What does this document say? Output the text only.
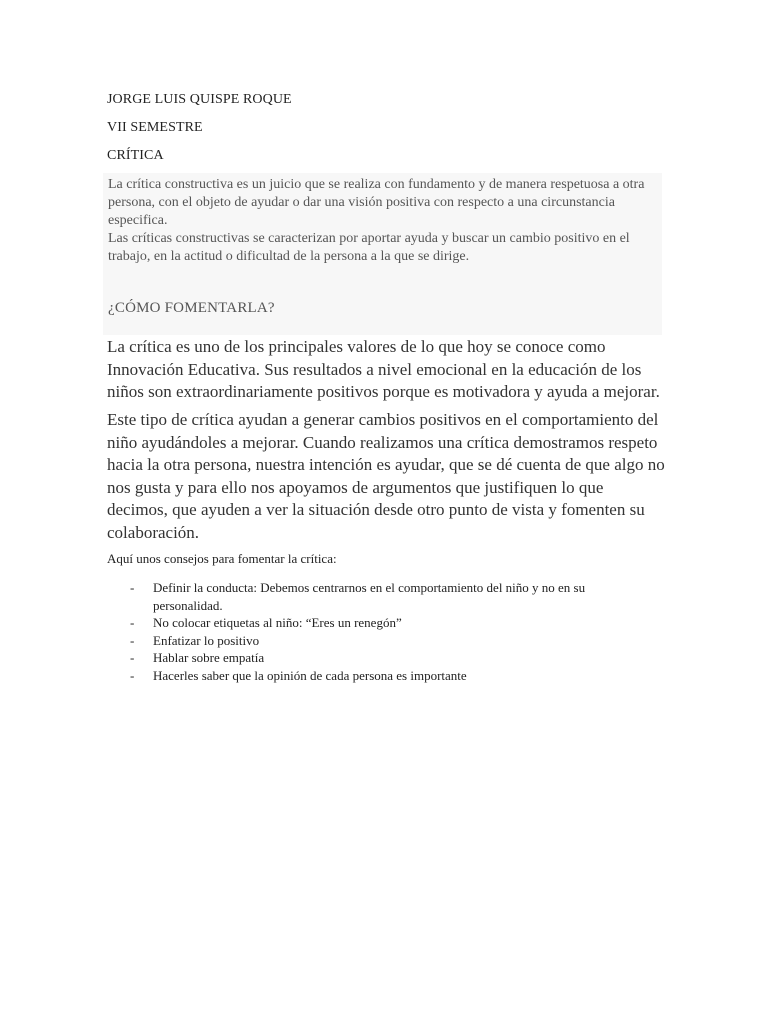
JORGE LUIS QUISPE ROQUE
VII SEMESTRE
CRÍTICA

La crítica constructiva es un juicio que se realiza con fundamento y de manera respetuosa a otra persona, con el objeto de ayudar o dar una visión positiva con respecto a una circunstancia especifica.

Las críticas constructivas se caracterizan por aportar ayuda y buscar un cambio positivo en el trabajo, en la actitud o dificultad de la persona a la que se dirige.

¿CÓMO FOMENTARLA?

La crítica es uno de los principales valores de lo que hoy se conoce como Innovación Educativa. Sus resultados a nivel emocional en la educación de los niños son extraordinariamente positivos porque es motivadora y ayuda a mejorar.

Este tipo de crítica ayudan a generar cambios positivos en el comportamiento del niño ayudándoles a mejorar. Cuando realizamos una crítica demostramos respeto hacia la otra persona, nuestra intención es ayudar, que se dé cuenta de que algo no nos gusta y para ello nos apoyamos de argumentos que justifiquen lo que decimos, que ayuden a ver la situación desde otro punto de vista y fomenten su colaboración.

Aquí unos consejos para fomentar la crítica:
- Definir la conducta: Debemos centrarnos en el comportamiento del niño y no en su personalidad.
- No colocar etiquetas al niño: “Eres un renegón”
- Enfatizar lo positivo
- Hablar sobre empatía
- Hacerles saber que la opinión de cada persona es importante
